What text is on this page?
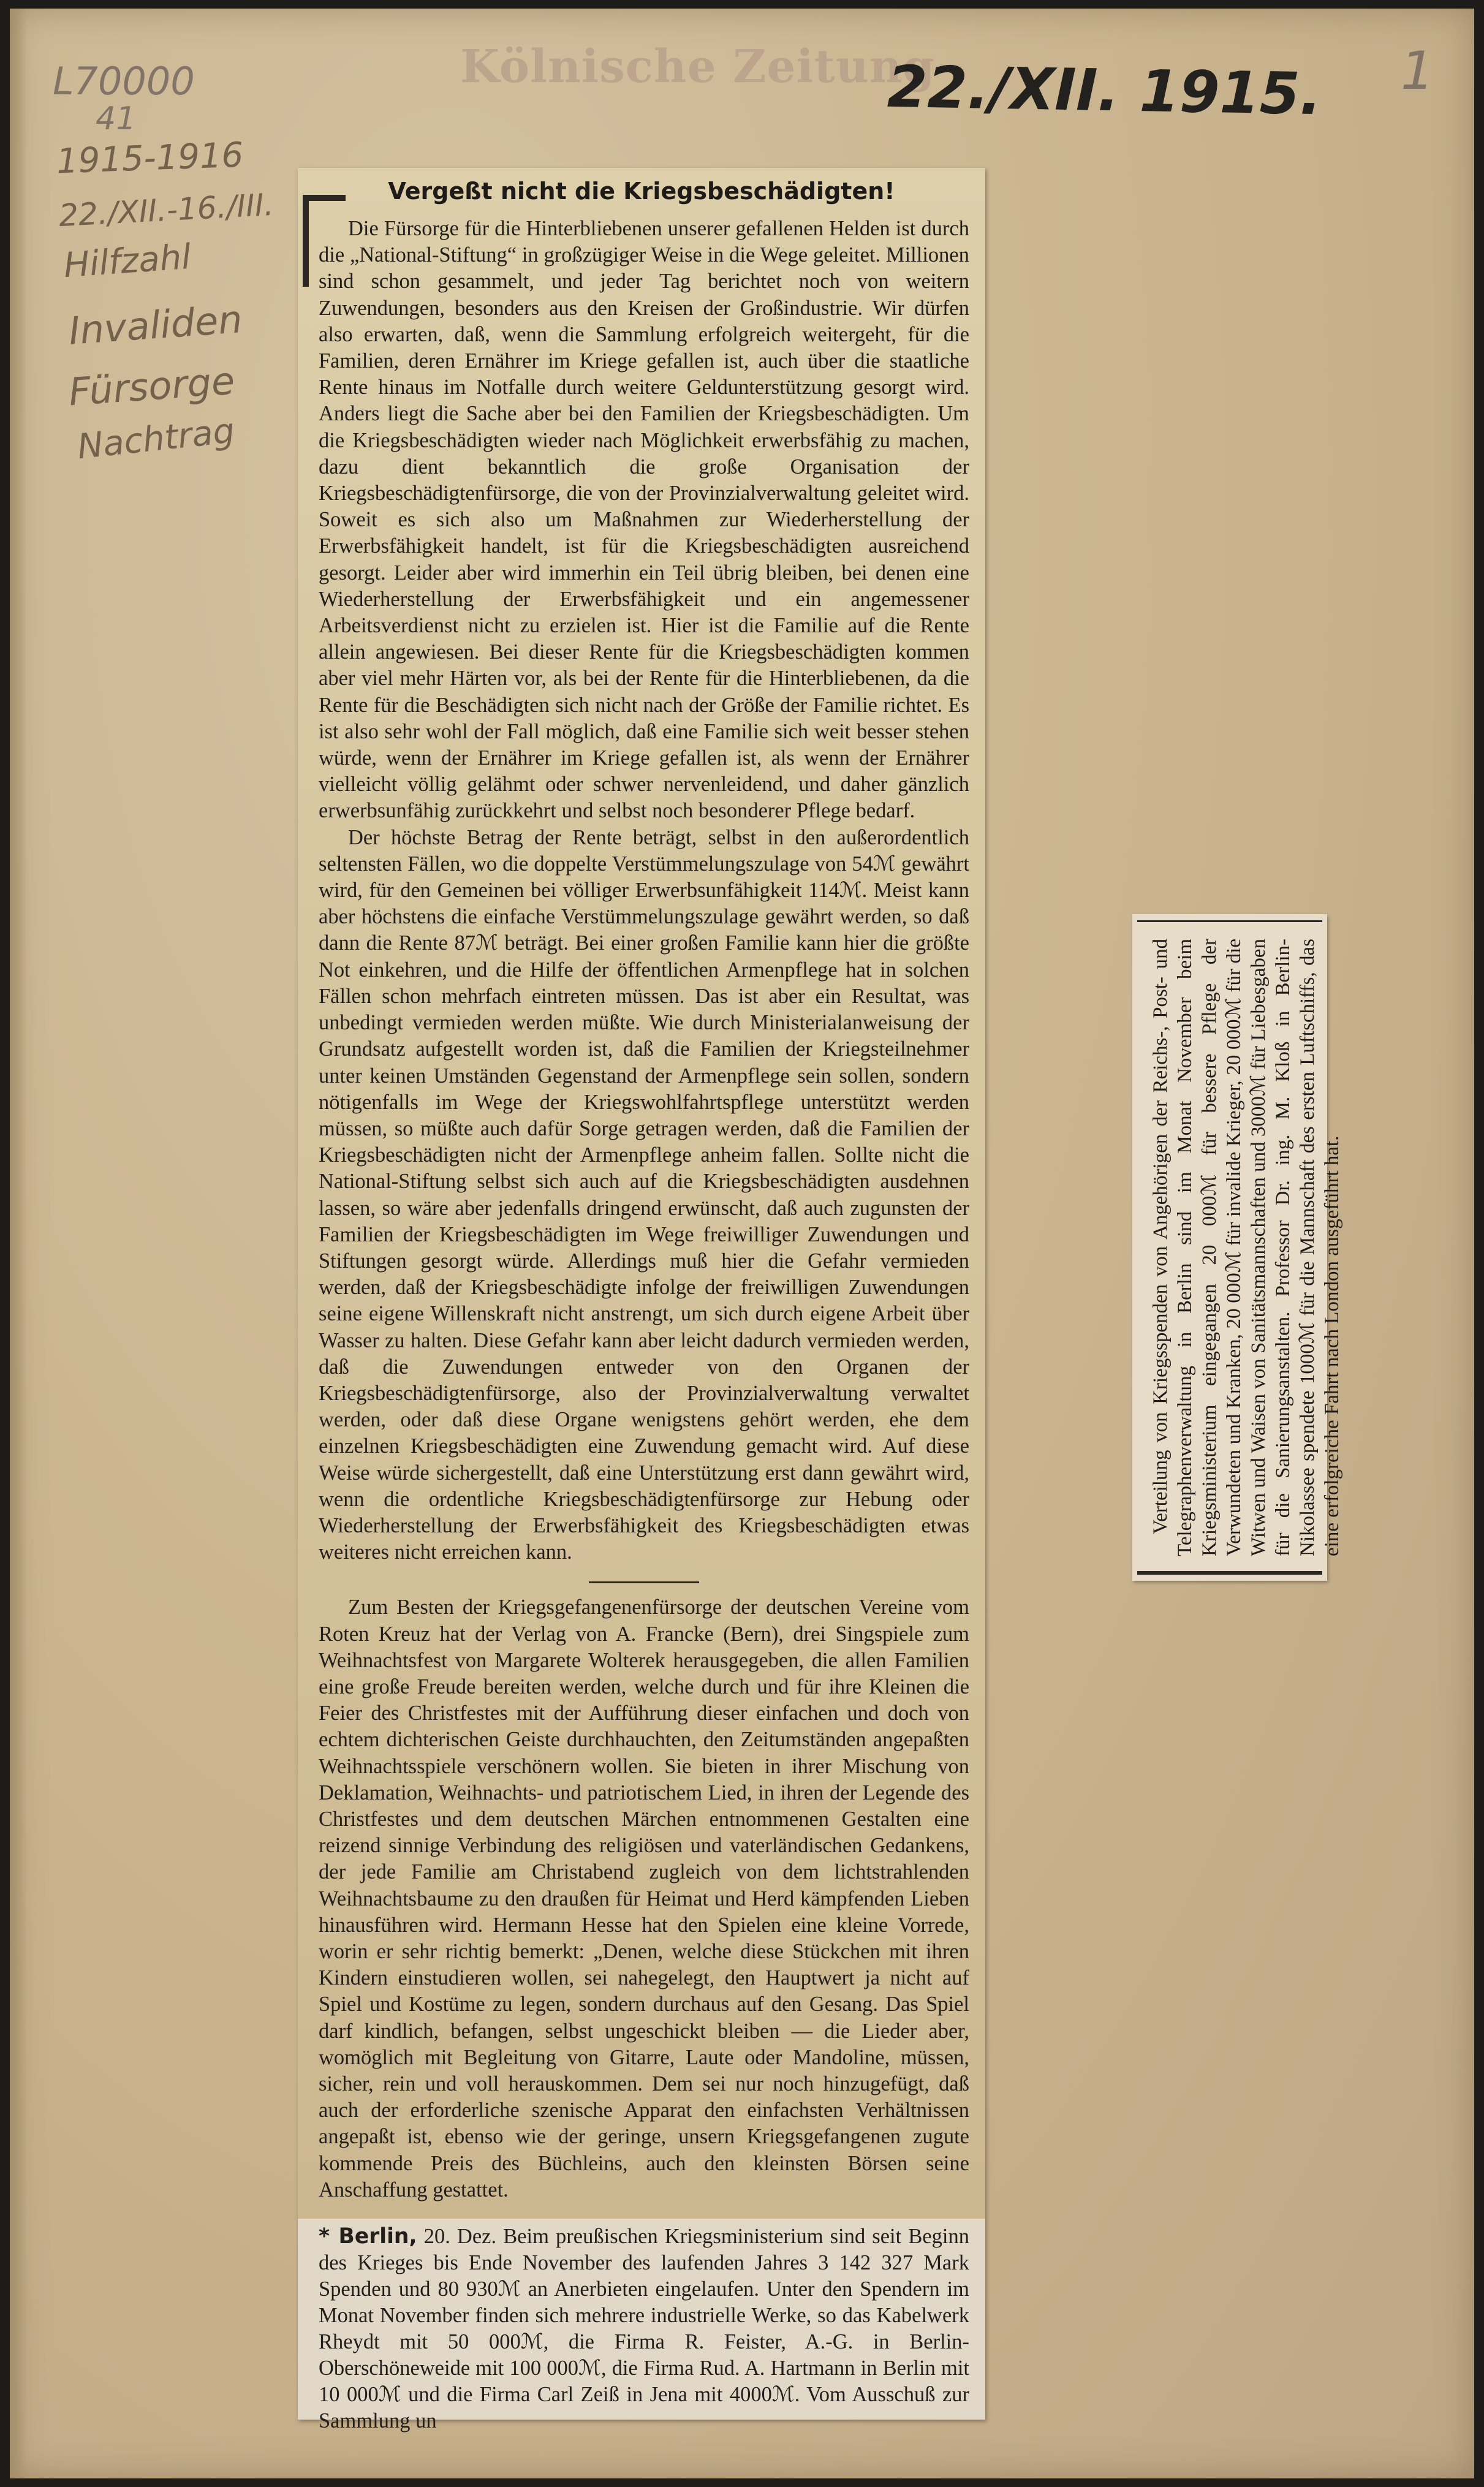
L70000
41
1915-1916
22./XII.-16./III.
Hilfzahl
Invaliden
Fürsorge
Nachtrag
Kölnische Zeitung
22./XII. 1915. 1
Vergeßt nicht die Kriegsbeschädigten!

Die Fürsorge für die Hinterbliebenen unserer gefallenen Helden ist durch die „National-Stiftung“ in großzügiger Weise in die Wege geleitet. Millionen sind schon gesammelt, und jeder Tag berichtet noch von weitern Zuwendungen, besonders aus den Kreisen der Großindustrie. Wir dürfen also erwarten, daß, wenn die Sammlung erfolgreich weitergeht, für die Familien, deren Ernährer im Kriege gefallen ist, auch über die staatliche Rente hinaus im Notfalle durch weitere Geldunterstützung gesorgt wird. Anders liegt die Sache aber bei den Familien der Kriegsbeschädigten. Um die Kriegsbeschädigten wieder nach Möglichkeit erwerbsfähig zu machen, dazu dient bekanntlich die große Organisation der Kriegsbeschädigtenfürsorge, die von der Provinzialverwaltung geleitet wird. Soweit es sich also um Maßnahmen zur Wiederherstellung der Erwerbsfähigkeit handelt, ist für die Kriegsbeschädigten ausreichend gesorgt. Leider aber wird immerhin ein Teil übrig bleiben, bei denen eine Wiederherstellung der Erwerbsfähigkeit und ein angemessener Arbeitsverdienst nicht zu erzielen ist. Hier ist die Familie auf die Rente allein angewiesen. Bei dieser Rente für die Kriegsbeschädigten kommen aber viel mehr Härten vor, als bei der Rente für die Hinterbliebenen, da die Rente für die Beschädigten sich nicht nach der Größe der Familie richtet. Es ist also sehr wohl der Fall möglich, daß eine Familie sich weit besser stehen würde, wenn der Ernährer im Kriege gefallen ist, als wenn der Ernährer vielleicht völlig gelähmt oder schwer nervenleidend, und daher gänzlich erwerbsunfähig zurückkehrt und selbst noch besonderer Pflege bedarf.

Der höchste Betrag der Rente beträgt, selbst in den außerordentlich seltensten Fällen, wo die doppelte Verstümmelungszulage von 54ℳ gewährt wird, für den Gemeinen bei völliger Erwerbsunfähigkeit 114ℳ. Meist kann aber höchstens die einfache Verstümmelungszulage gewährt werden, so daß dann die Rente 87ℳ beträgt. Bei einer großen Familie kann hier die größte Not einkehren, und die Hilfe der öffentlichen Armenpflege hat in solchen Fällen schon mehrfach eintreten müssen. Das ist aber ein Resultat, was unbedingt vermieden werden müßte. Wie durch Ministerialanweisung der Grundsatz aufgestellt worden ist, daß die Familien der Kriegsteilnehmer unter keinen Umständen Gegenstand der Armenpflege sein sollen, sondern nötigenfalls im Wege der Kriegswohlfahrtspflege unterstützt werden müssen, so müßte auch dafür Sorge getragen werden, daß die Familien der Kriegsbeschädigten nicht der Armenpflege anheim fallen. Sollte nicht die National-Stiftung selbst sich auch auf die Kriegsbeschädigten ausdehnen lassen, so wäre aber jedenfalls dringend erwünscht, daß auch zugunsten der Familien der Kriegsbeschädigten im Wege freiwilliger Zuwendungen und Stiftungen gesorgt würde. Allerdings muß hier die Gefahr vermieden werden, daß der Kriegsbeschädigte infolge der freiwilligen Zuwendungen seine eigene Willenskraft nicht anstrengt, um sich durch eigene Arbeit über Wasser zu halten. Diese Gefahr kann aber leicht dadurch vermieden werden, daß die Zuwendungen entweder von den Organen der Kriegsbeschädigtenfürsorge, also der Provinzialverwaltung verwaltet werden, oder daß diese Organe wenigstens gehört werden, ehe dem einzelnen Kriegsbeschädigten eine Zuwendung gemacht wird. Auf diese Weise würde sichergestellt, daß eine Unterstützung erst dann gewährt wird, wenn die ordentliche Kriegsbeschädigtenfürsorge zur Hebung oder Wiederherstellung der Erwerbsfähigkeit des Kriegsbeschädigten etwas weiteres nicht erreichen kann.

Zum Besten der Kriegsgefangenenfürsorge der deutschen Vereine vom Roten Kreuz hat der Verlag von A. Francke (Bern), drei Singspiele zum Weihnachtsfest von Margarete Wolterek herausgegeben, die allen Familien eine große Freude bereiten werden, welche durch und für ihre Kleinen die Feier des Christfestes mit der Aufführung dieser einfachen und doch von echtem dichterischen Geiste durchhauchten, den Zeitumständen angepaßten Weihnachtsspiele verschönern wollen. Sie bieten in ihrer Mischung von Deklamation, Weihnachts- und patriotischem Lied, in ihren der Legende des Christfestes und dem deutschen Märchen entnommenen Gestalten eine reizend sinnige Verbindung des religiösen und vaterländischen Gedankens, der jede Familie am Christabend zugleich von dem lichtstrahlenden Weihnachtsbaume zu den draußen für Heimat und Herd kämpfenden Lieben hinausführen wird. Hermann Hesse hat den Spielen eine kleine Vorrede, worin er sehr richtig bemerkt: „Denen, welche diese Stückchen mit ihren Kindern einstudieren wollen, sei nahegelegt, den Hauptwert ja nicht auf Spiel und Kostüme zu legen, sondern durchaus auf den Gesang. Das Spiel darf kindlich, befangen, selbst ungeschickt bleiben — die Lieder aber, womöglich mit Begleitung von Gitarre, Laute oder Mandoline, müssen, sicher, rein und voll herauskommen. Dem sei nur noch hinzugefügt, daß auch der erforderliche szenische Apparat den einfachsten Verhältnissen angepaßt ist, ebenso wie der geringe, unsern Kriegsgefangenen zugute kommende Preis des Büchleins, auch den kleinsten Börsen seine Anschaffung gestattet.

* Berlin, 20. Dez. Beim preußischen Kriegsministerium sind seit Beginn des Krieges bis Ende November des laufenden Jahres 3 142 327 Mark Spenden und 80 930ℳ an Anerbieten eingelaufen. Unter den Spendern im Monat November finden sich mehrere industrielle Werke, so das Kabelwerk Rheydt mit 50 000ℳ, die Firma R. Feister, A.-G. in Berlin-Oberschöneweide mit 100 000ℳ, die Firma Rud. A. Hartmann in Berlin mit 10 000ℳ und die Firma Carl Zeiß in Jena mit 4000ℳ. Vom Ausschuß zur Sammlung un

Verteilung von Kriegsspenden von Angehörigen der Reichs-, Post- und Telegraphenverwaltung in Berlin sind im Monat November beim Kriegsministerium eingegangen 20 000ℳ für bessere Pflege der Verwundeten und Kranken, 20 000ℳ für invalide Krieger, 20 000ℳ für die Witwen und Waisen von Sanitätsmannschaften und 3000ℳ für Liebesgaben für die Sanierungsanstalten. Professor Dr. ing. M. Kloß in Berlin-Nikolassee spendete 1000ℳ für die Mannschaft des ersten Luftschiffs, das eine erfolgreiche Fahrt nach London ausgeführt hat.
